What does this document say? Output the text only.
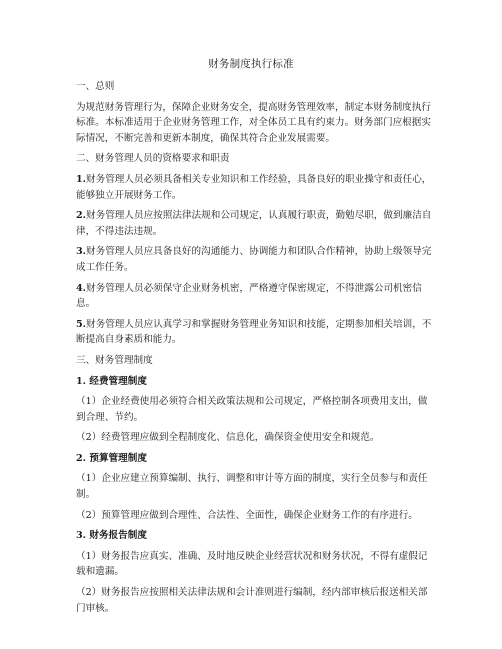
财务制度执行标准
一、总则
为规范财务管理行为，保障企业财务安全，提高财务管理效率，制定本财务制度执行标准。本标准适用于企业财务管理工作，对全体员工具有约束力。财务部门应根据实际情况，不断完善和更新本制度，确保其符合企业发展需要。
二、财务管理人员的资格要求和职责
1.财务管理人员必须具备相关专业知识和工作经验，具备良好的职业操守和责任心，能够独立开展财务工作。
2.财务管理人员应按照法律法规和公司规定，认真履行职责，勤勉尽职，做到廉洁自律，不得违法违规。
3.财务管理人员应具备良好的沟通能力、协调能力和团队合作精神，协助上级领导完成工作任务。
4.财务管理人员必须保守企业财务机密，严格遵守保密规定，不得泄露公司机密信息。
5.财务管理人员应认真学习和掌握财务管理业务知识和技能，定期参加相关培训，不断提高自身素质和能力。
三、财务管理制度
1. 经费管理制度
（1）企业经费使用必须符合相关政策法规和公司规定，严格控制各项费用支出，做到合理、节约。
（2）经费管理应做到全程制度化、信息化，确保资金使用安全和规范。
2. 预算管理制度
（1）企业应建立预算编制、执行、调整和审计等方面的制度，实行全员参与和责任制。
（2）预算管理应做到合理性、合法性、全面性，确保企业财务工作的有序进行。
3. 财务报告制度
（1）财务报告应真实、准确、及时地反映企业经营状况和财务状况，不得有虚假记载和遗漏。
（2）财务报告应按照相关法律法规和会计准则进行编制，经内部审核后报送相关部门审核。
